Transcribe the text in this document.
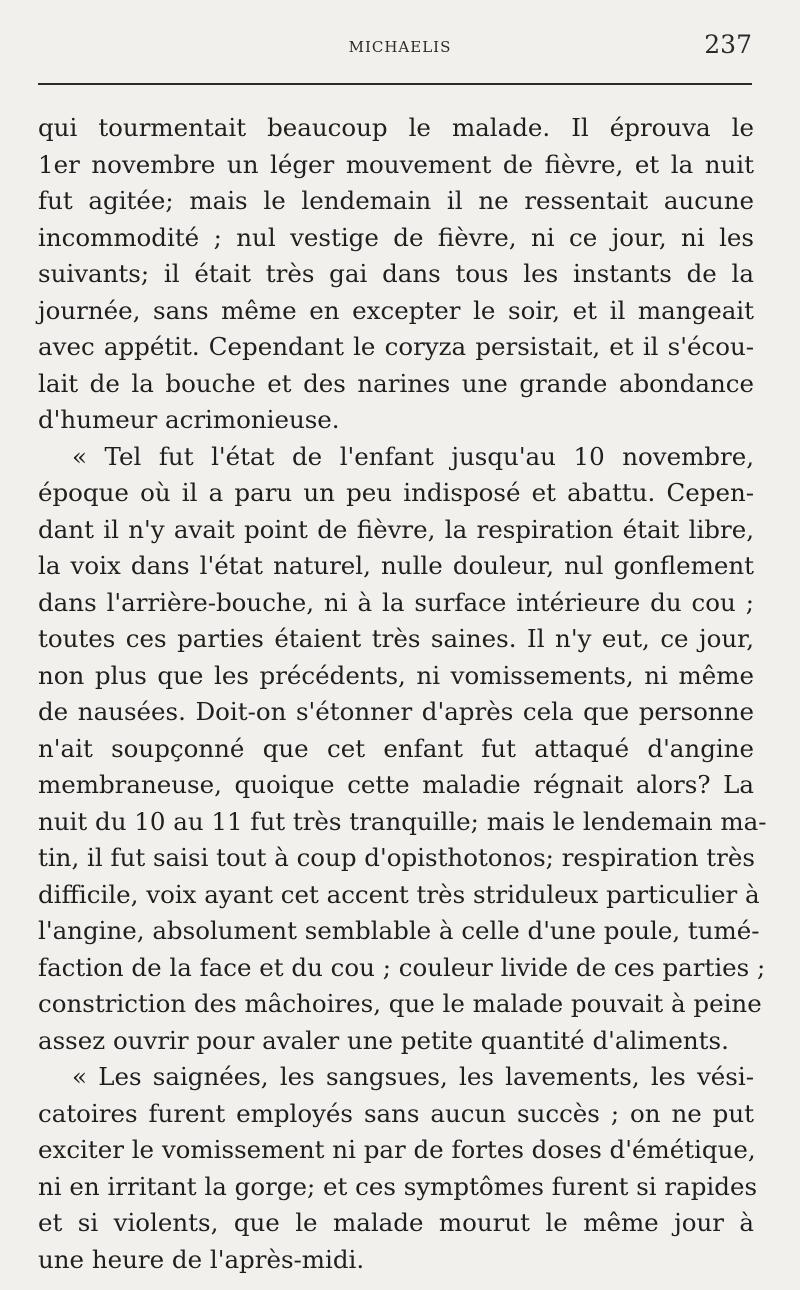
MICHAELIS	237
qui tourmentait beaucoup le malade. Il éprouva le
1er novembre un léger mouvement de fièvre, et la nuit
fut agitée; mais le lendemain il ne ressentait aucune
incommodité ; nul vestige de fièvre, ni ce jour, ni les
suivants; il était très gai dans tous les instants de la
journée, sans même en excepter le soir, et il mangeait
avec appétit. Cependant le coryza persistait, et il s'écou-
lait de la bouche et des narines une grande abondance
d'humeur acrimonieuse.
« Tel fut l'état de l'enfant jusqu'au 10 novembre,
époque où il a paru un peu indisposé et abattu. Cepen-
dant il n'y avait point de fièvre, la respiration était libre,
la voix dans l'état naturel, nulle douleur, nul gonflement
dans l'arrière-bouche, ni à la surface intérieure du cou ;
toutes ces parties étaient très saines. Il n'y eut, ce jour,
non plus que les précédents, ni vomissements, ni même
de nausées. Doit-on s'étonner d'après cela que personne
n'ait soupçonné que cet enfant fut attaqué d'angine
membraneuse, quoique cette maladie régnait alors? La
nuit du 10 au 11 fut très tranquille; mais le lendemain ma-
tin, il fut saisi tout à coup d'opisthotonos; respiration très
difficile, voix ayant cet accent très striduleux particulier à
l'angine, absolument semblable à celle d'une poule, tumé-
faction de la face et du cou ; couleur livide de ces parties ;
constriction des mâchoires, que le malade pouvait à peine
assez ouvrir pour avaler une petite quantité d'aliments.
« Les saignées, les sangsues, les lavements, les vési-
catoires furent employés sans aucun succès ; on ne put
exciter le vomissement ni par de fortes doses d'émétique,
ni en irritant la gorge; et ces symptômes furent si rapides
et si violents, que le malade mourut le même jour à
une heure de l'après-midi.
